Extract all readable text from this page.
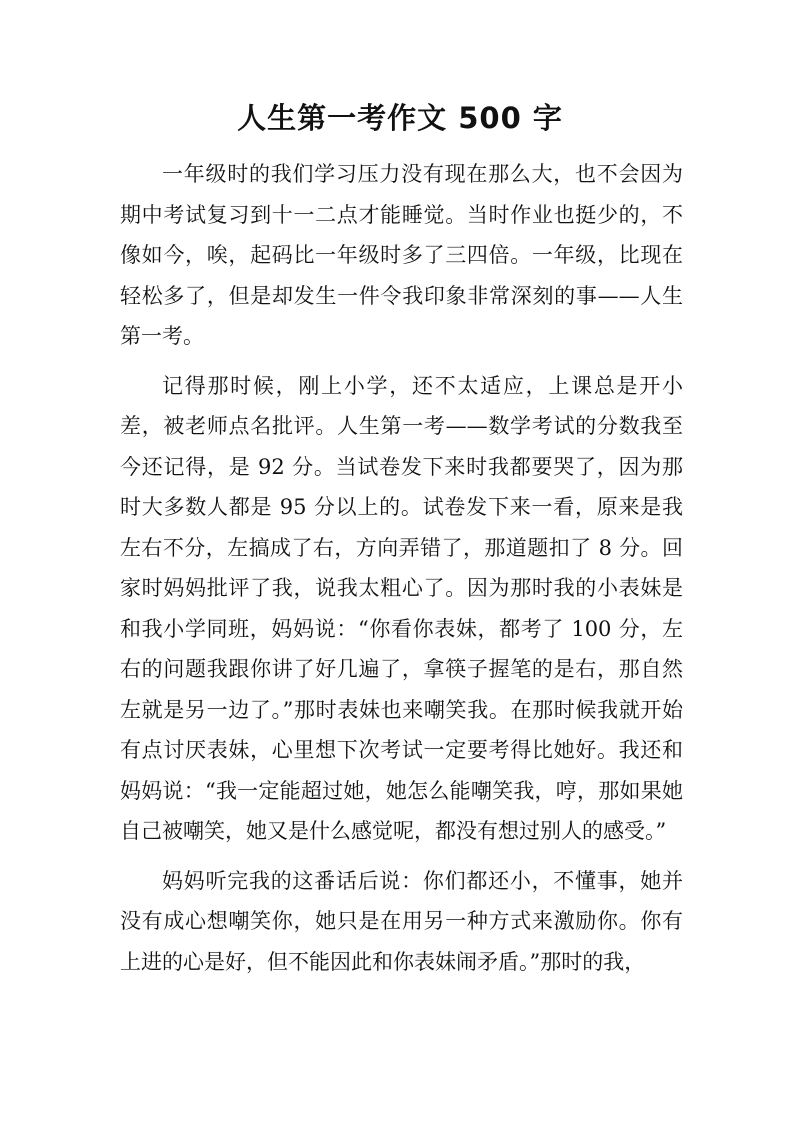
人生第一考作文 500 字

一年级时的我们学习压力没有现在那么大，也不会因为期中考试复习到十一二点才能睡觉。当时作业也挺少的，不像如今，唉，起码比一年级时多了三四倍。一年级，比现在轻松多了，但是却发生一件令我印象非常深刻的事——人生第一考。

记得那时候，刚上小学，还不太适应，上课总是开小差，被老师点名批评。人生第一考——数学考试的分数我至今还记得，是 92 分。当试卷发下来时我都要哭了，因为那时大多数人都是 95 分以上的。试卷发下来一看，原来是我左右不分，左搞成了右，方向弄错了，那道题扣了 8 分。回家时妈妈批评了我，说我太粗心了。因为那时我的小表妹是和我小学同班，妈妈说：“你看你表妹，都考了 100 分，左右的问题我跟你讲了好几遍了，拿筷子握笔的是右，那自然左就是另一边了。”那时表妹也来嘲笑我。在那时候我就开始有点讨厌表妹，心里想下次考试一定要考得比她好。我还和妈妈说：“我一定能超过她，她怎么能嘲笑我，哼，那如果她自己被嘲笑，她又是什么感觉呢，都没有想过别人的感受。”

妈妈听完我的这番话后说：你们都还小，不懂事，她并没有成心想嘲笑你，她只是在用另一种方式来激励你。你有上进的心是好，但不能因此和你表妹闹矛盾。”那时的我，
